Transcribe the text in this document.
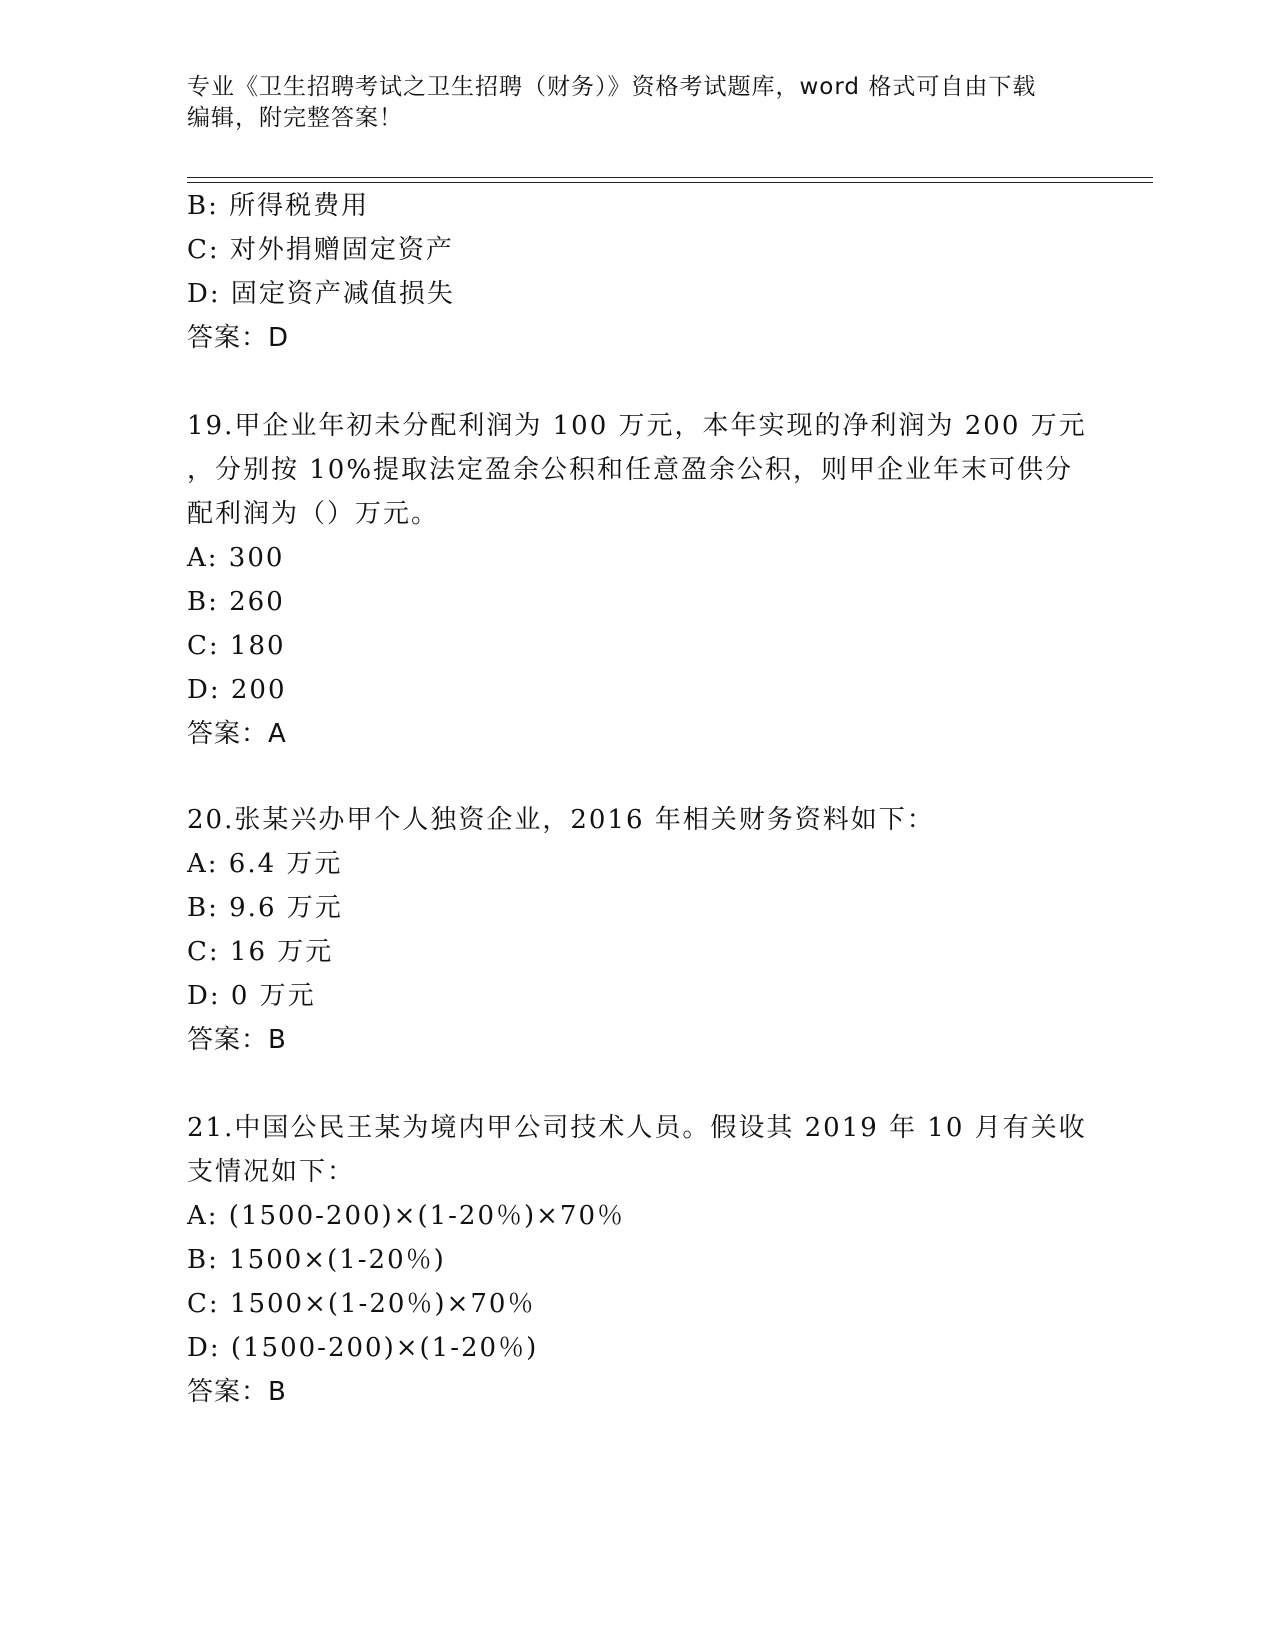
专业《卫生招聘考试之卫生招聘（财务）》资格考试题库，word 格式可自由下载
编辑，附完整答案！
B: 所得税费用
C: 对外捐赠固定资产
D: 固定资产减值损失
答案：D
19.甲企业年初未分配利润为 100 万元，本年实现的净利润为 200 万元
，分别按 10%提取法定盈余公积和任意盈余公积，则甲企业年末可供分
配利润为（）万元。
A: 300
B: 260
C: 180
D: 200
答案：A
20.张某兴办甲个人独资企业，2016 年相关财务资料如下：
A: 6.4 万元
B: 9.6 万元
C: 16 万元
D: 0 万元
答案：B
21.中国公民王某为境内甲公司技术人员。假设其 2019 年 10 月有关收
支情况如下：
A: (1500-200)×(1-20％)×70％
B: 1500×(1-20％)
C: 1500×(1-20％)×70％
D: (1500-200)×(1-20％)
答案：B
